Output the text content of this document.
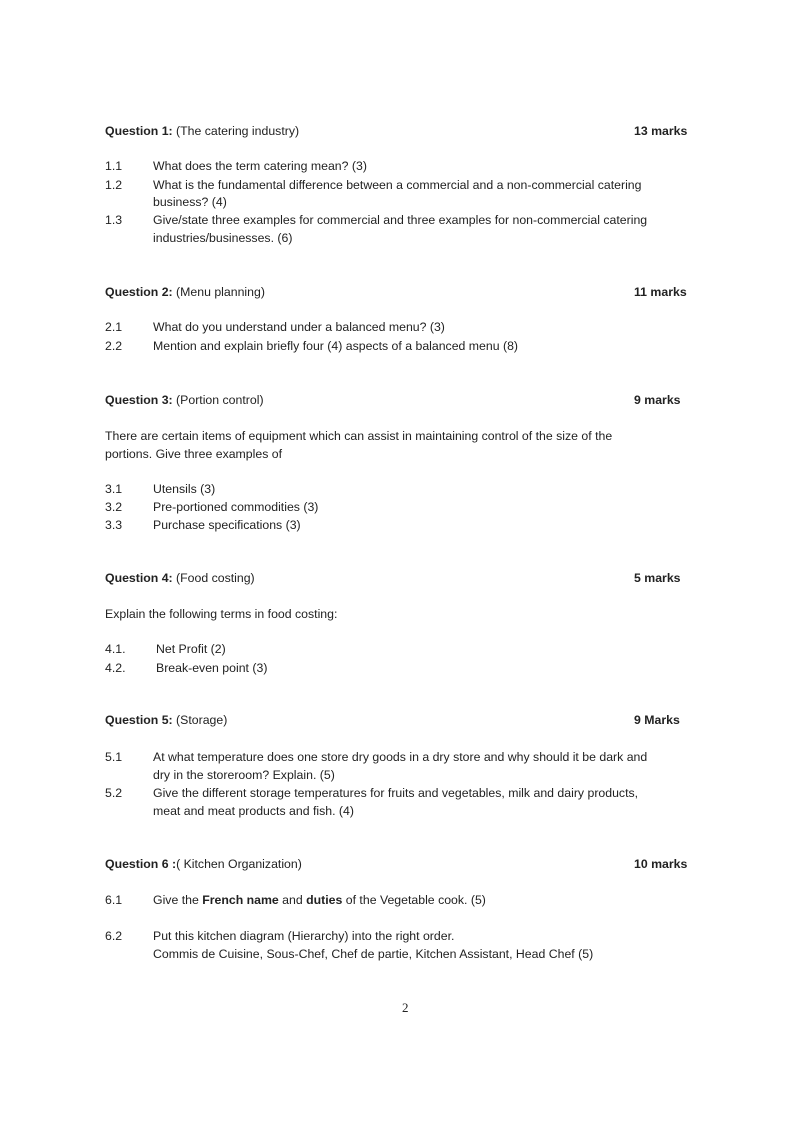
Question 1: (The catering industry)	13 marks
1.1	What does the term catering mean? (3)
1.2	What is the fundamental difference between a commercial and a non-commercial catering
business? (4)
1.3	Give/state three examples for commercial and three examples for non-commercial catering
industries/businesses. (6)
Question 2: (Menu planning)	11 marks
2.1	What do you understand under a balanced menu? (3)
2.2	Mention and explain briefly four (4) aspects of a balanced menu (8)
Question 3: (Portion control)	9 marks
There are certain items of equipment which can assist in maintaining control of the size of the
portions. Give three examples of
3.1	Utensils (3)
3.2	Pre-portioned commodities (3)
3.3	Purchase specifications (3)
Question 4: (Food costing)	5 marks
Explain the following terms in food costing:
4.1. Net Profit (2)
4.2. Break-even point (3)
Question 5: (Storage)	9 Marks
5.1	At what temperature does one store dry goods in a dry store and why should it be dark and
dry in the storeroom? Explain. (5)
5.2	Give the different storage temperatures for fruits and vegetables, milk and dairy products,
meat and meat products and fish. (4)
Question 6 :( Kitchen Organization)	10 marks
6.1	Give the French name and duties of the Vegetable cook. (5)
6.2	Put this kitchen diagram (Hierarchy) into the right order.
Commis de Cuisine, Sous-Chef, Chef de partie, Kitchen Assistant, Head Chef (5)
2
